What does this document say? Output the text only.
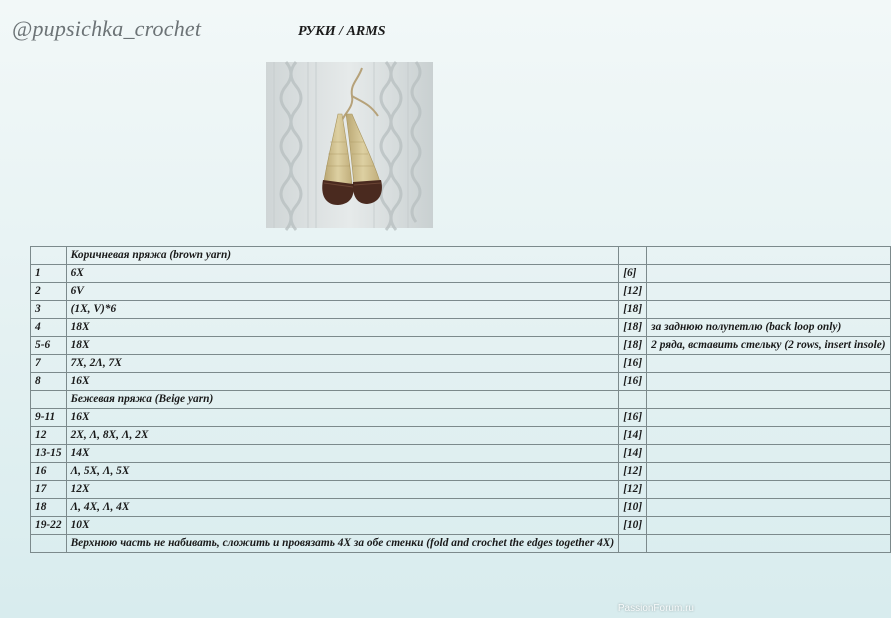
@pupsichka_crochet	РУКИ / ARMS
	Коричневая пряжа (brown yarn)		
1	6X	[6]	
2	6V	[12]	
3	(1X, V)*6	[18]	
4	18X	[18]	за заднюю полупетлю (back loop only)
5-6	18X	[18]	2 ряда, вставить стельку (2 rows, insert insole)
7	7X, 2Λ, 7X	[16]	
8	16X	[16]	
	Бежевая пряжа (Beige yarn)		
9-11	16X	[16]	
12	2X, Λ, 8X, Λ, 2X	[14]	
13-15	14X	[14]	
16	Λ, 5X, Λ, 5X	[12]	
17	12X	[12]	
18	Λ, 4X, Λ, 4X	[10]	
19-22	10X	[10]	
	Верхнюю часть не набивать, сложить и провязать 4X за обе стенки (fold and crochet the edges together 4X)		
PassionForum.ru
